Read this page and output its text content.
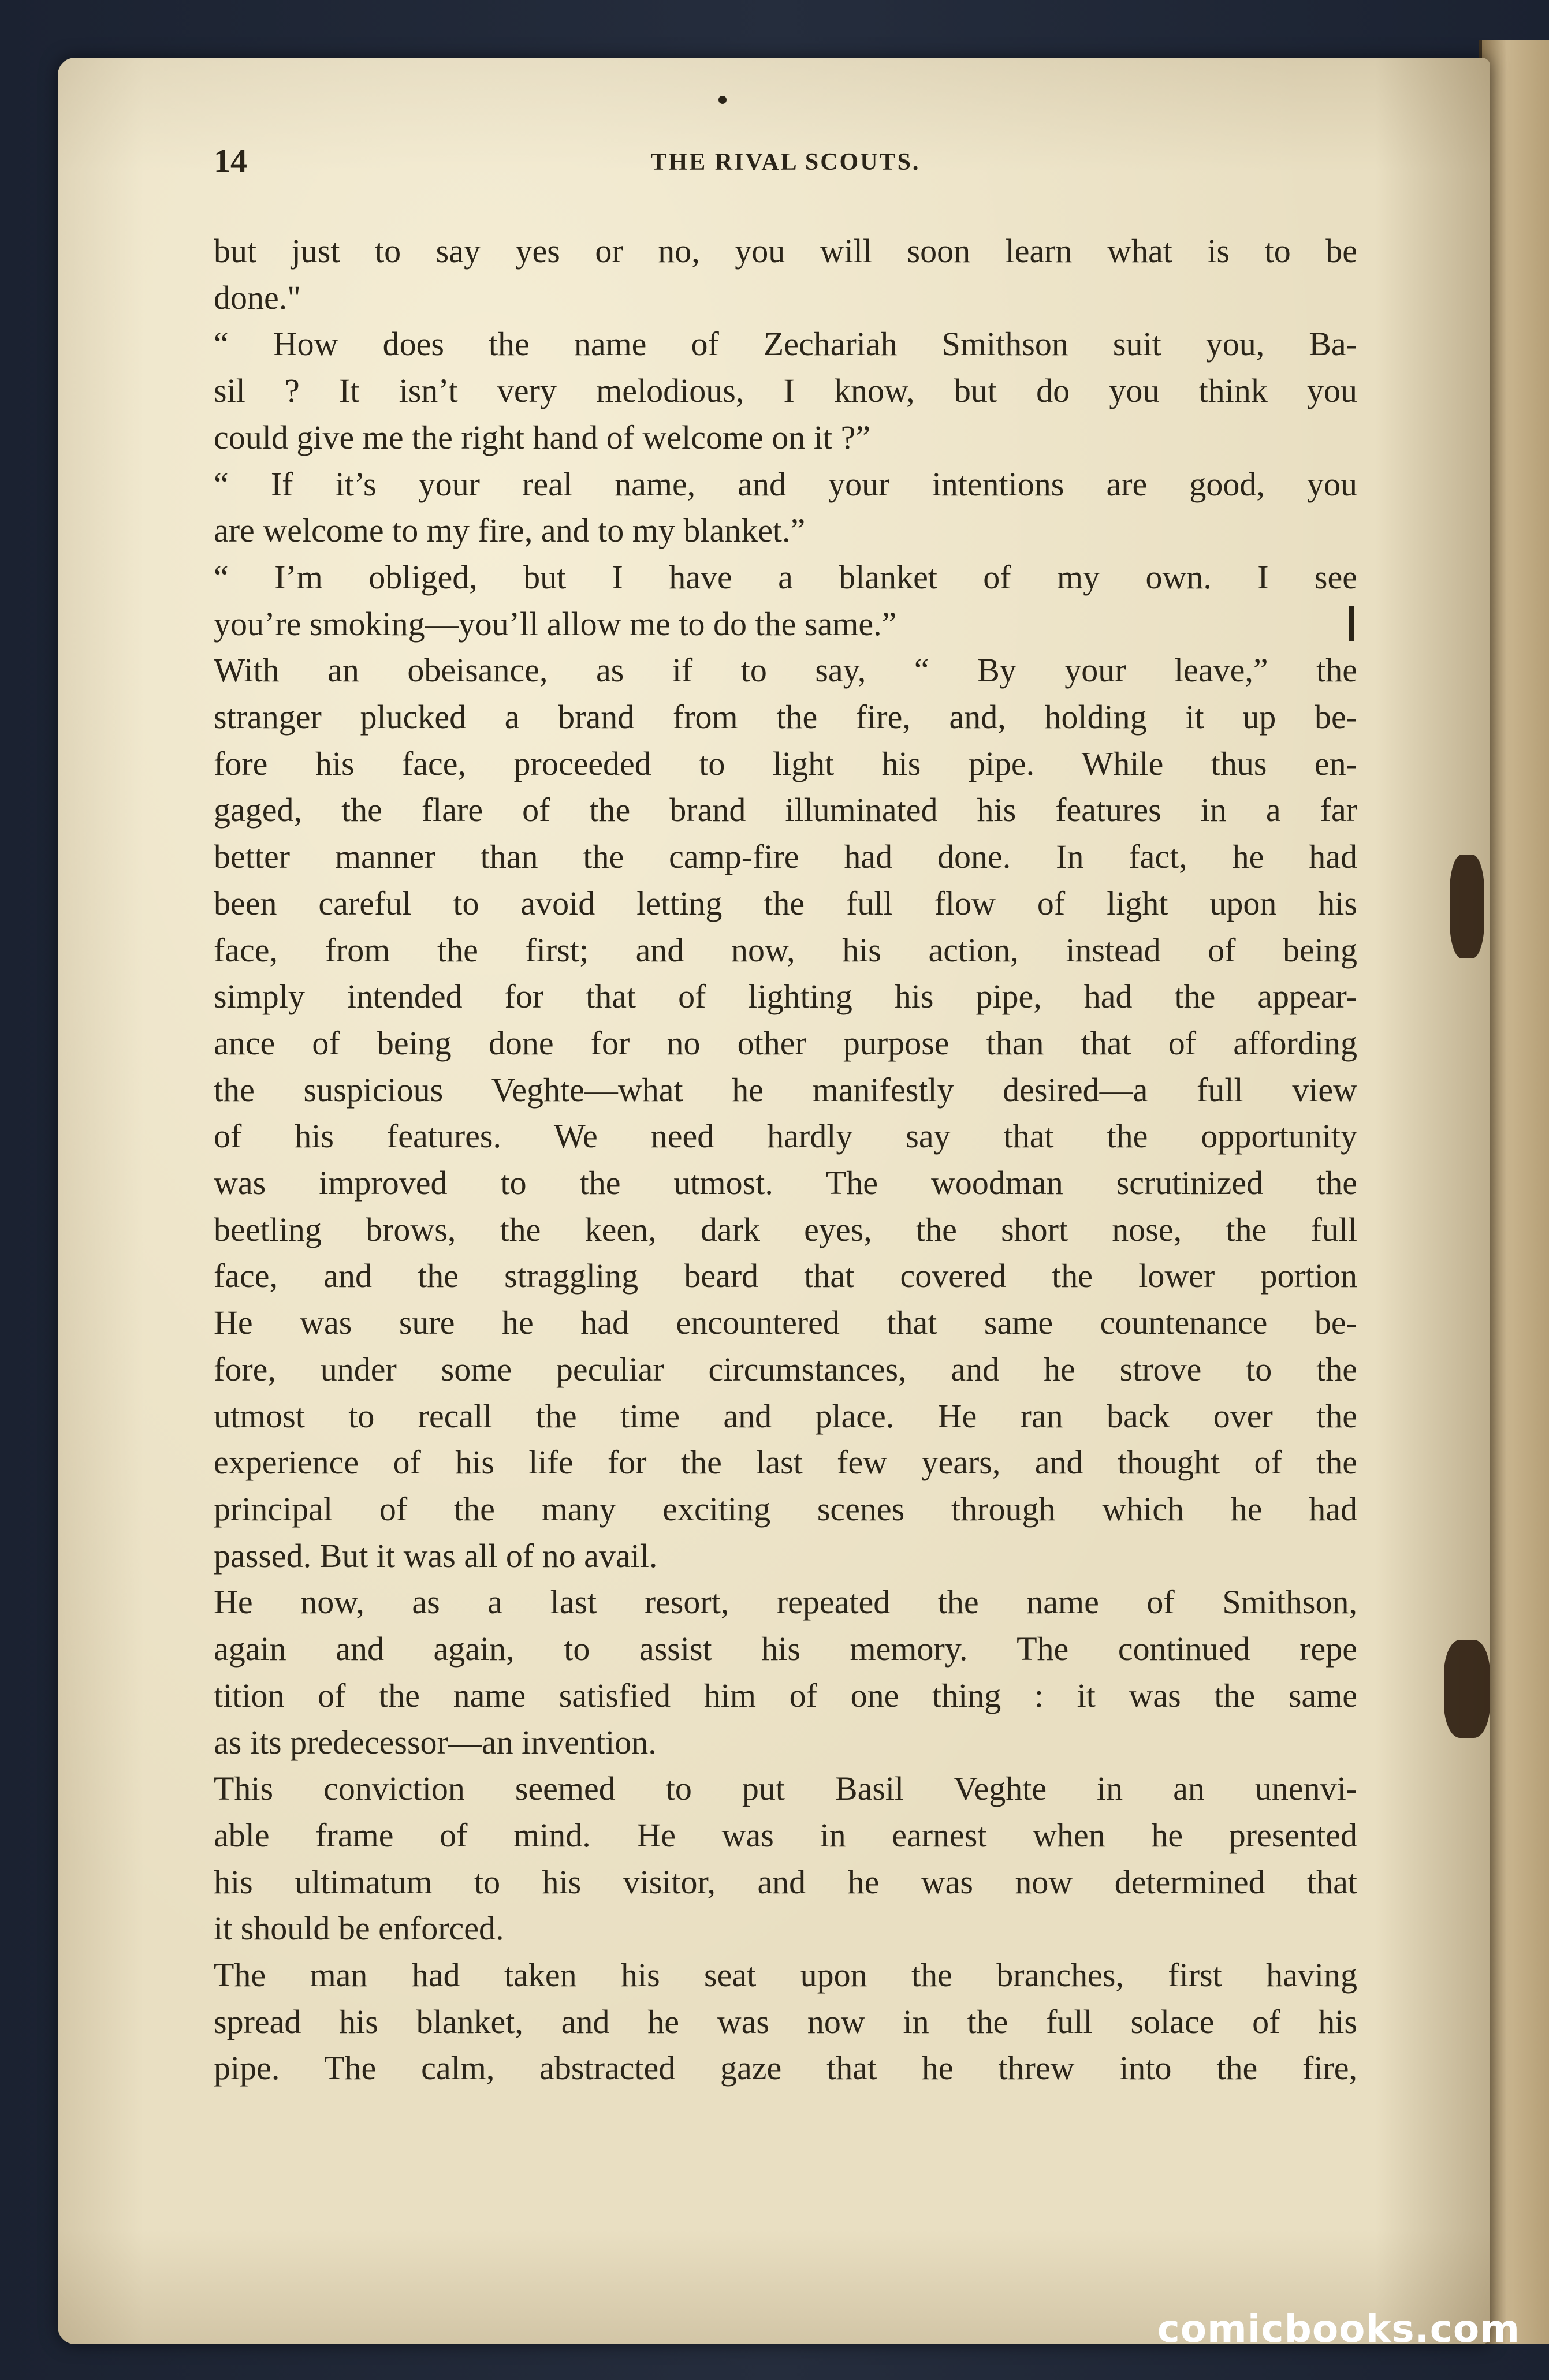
14	THE RIVAL SCOUTS.
but just to say yes or no, you will soon learn what is to be
done."
“ How does the name of Zechariah Smithson suit you, Ba-
sil ? It isn’t very melodious, I know, but do you think you
could give me the right hand of welcome on it ?”
“ If it’s your real name, and your intentions are good, you
are welcome to my fire, and to my blanket.”
“ I’m obliged, but I have a blanket of my own. I see
you’re smoking—you’ll allow me to do the same.”
With an obeisance, as if to say, “ By your leave,” the
stranger plucked a brand from the fire, and, holding it up be-
fore his face, proceeded to light his pipe. While thus en-
gaged, the flare of the brand illuminated his features in a far
better manner than the camp-fire had done. In fact, he had
been careful to avoid letting the full flow of light upon his
face, from the first; and now, his action, instead of being
simply intended for that of lighting his pipe, had the appear-
ance of being done for no other purpose than that of affording
the suspicious Veghte—what he manifestly desired—a full view
of his features. We need hardly say that the opportunity
was improved to the utmost. The woodman scrutinized the
beetling brows, the keen, dark eyes, the short nose, the full
face, and the straggling beard that covered the lower portion
He was sure he had encountered that same countenance be-
fore, under some peculiar circumstances, and he strove to the
utmost to recall the time and place. He ran back over the
experience of his life for the last few years, and thought of the
principal of the many exciting scenes through which he had
passed. But it was all of no avail.
He now, as a last resort, repeated the name of Smithson,
again and again, to assist his memory. The continued repe
tition of the name satisfied him of one thing : it was the same
as its predecessor—an invention.
This conviction seemed to put Basil Veghte in an unenvi-
able frame of mind. He was in earnest when he presented
his ultimatum to his visitor, and he was now determined that
it should be enforced.
The man had taken his seat upon the branches, first having
spread his blanket, and he was now in the full solace of his
pipe. The calm, abstracted gaze that he threw into the fire,
comicbooks.com
